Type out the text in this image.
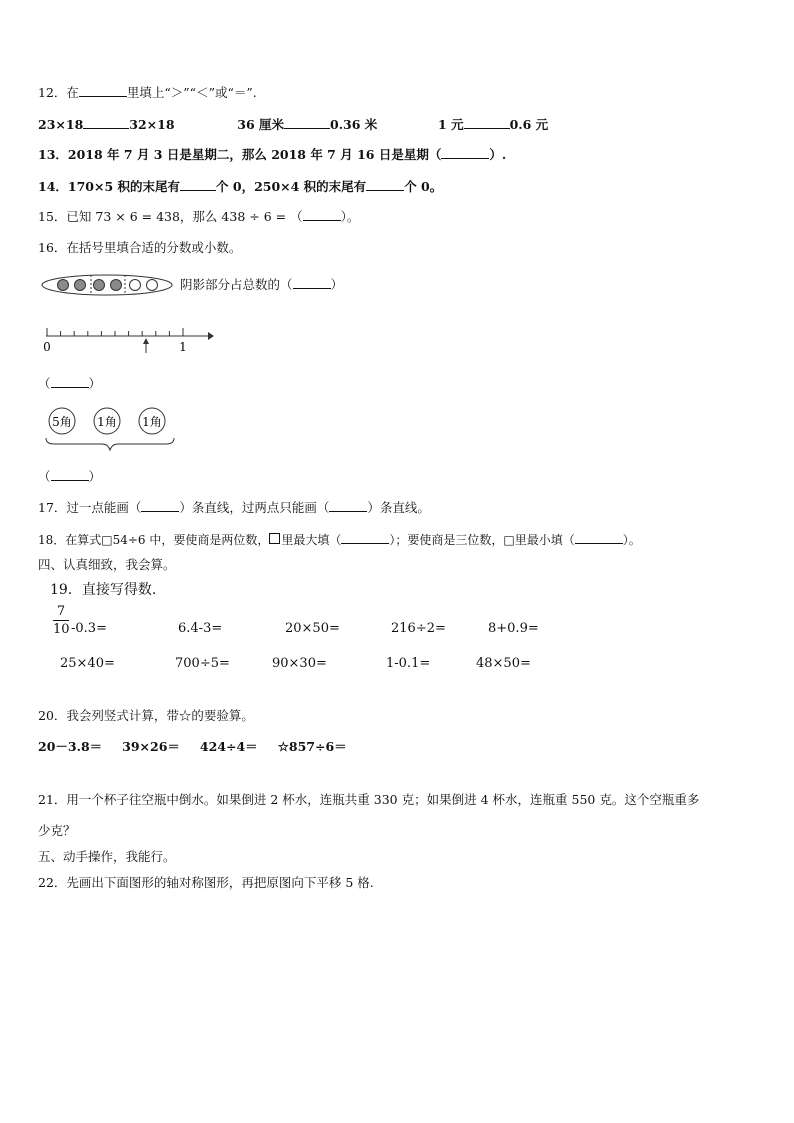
12．在	里填上“＞”“＜”或“＝”.
23×18	32×18	36 厘米	0.36 米	1 元	0.6 元
13．2018 年 7 月 3 日是星期二，那么 2018 年 7 月 16 日是星期（	）.
14．170×5 积的末尾有	个 0，250×4 积的末尾有	个 0。
15．已知 73 × 6 = 438，那么 438 ÷ 6 = （	）。
16．在括号里填合适的分数或小数。
阴影部分占总数的（	）
0	1
（	）
5角 1角 1角
（	）
17．过一点能画（	）条直线，过两点只能画（	）条直线。
18．在算式□54÷6 中，要使商是两位数， 里最大填（	）；要使商是三位数，□里最小填（	）。
四、认真细致，我会算。
19．直接写得数.
7
10 -0.3=	6.4-3=	20×50=	216÷2=	8+0.9=
25×40=	700÷5=	90×30=	1-0.1=	48×50=
20．我会列竖式计算，带☆的要验算。
20－3.8＝ 39×26＝ 424÷4＝ ☆857÷6＝
21．用一个杯子往空瓶中倒水。如果倒进 2 杯水，连瓶共重 330 克；如果倒进 4 杯水，连瓶重 550 克。这个空瓶重多
少克？
五、动手操作，我能行。
22．先画出下面图形的轴对称图形，再把原图向下平移 5 格.
